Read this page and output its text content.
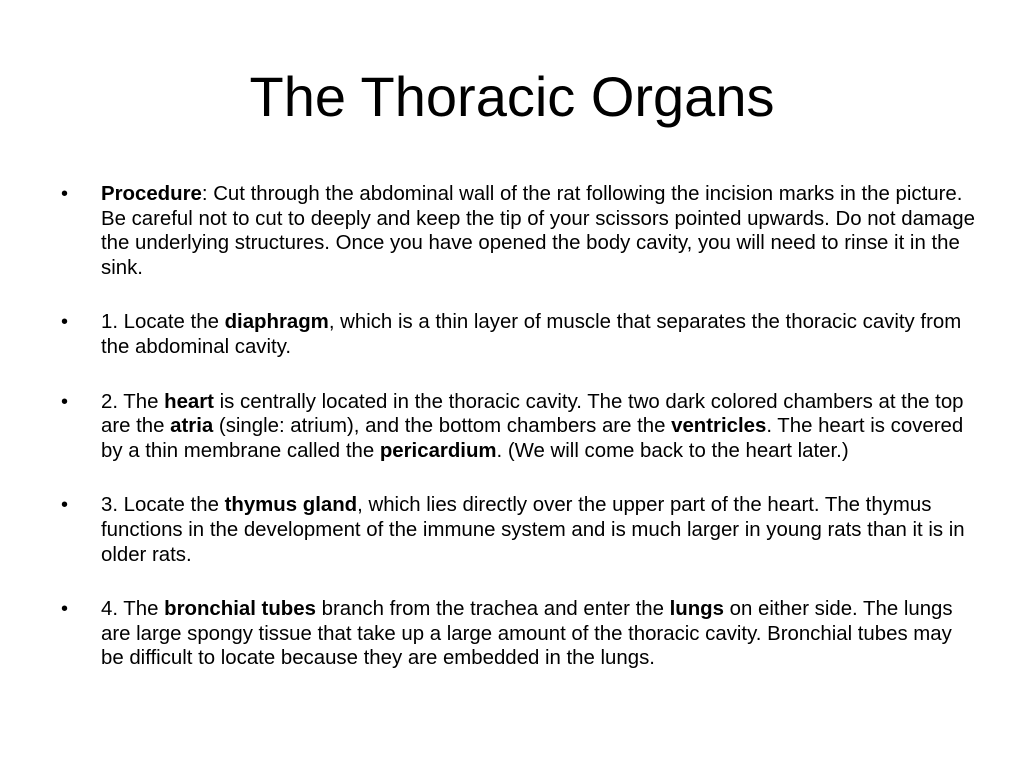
The Thoracic Organs
• Procedure: Cut through the abdominal wall of the rat following the incision marks in the picture. Be careful not to cut to deeply and keep the tip of your scissors pointed upwards. Do not damage the underlying structures. Once you have opened the body cavity, you will need to rinse it in the sink.
• 1. Locate the diaphragm, which is a thin layer of muscle that separates the thoracic cavity from the abdominal cavity.
• 2. The heart is centrally located in the thoracic cavity. The two dark colored chambers at the top are the atria (single: atrium), and the bottom chambers are the ventricles. The heart is covered by a thin membrane called the pericardium. (We will come back to the heart later.)
• 3. Locate the thymus gland, which lies directly over the upper part of the heart. The thymus functions in the development of the immune system and is much larger in young rats than it is in older rats.
• 4. The bronchial tubes branch from the trachea and enter the lungs on either side. The lungs are large spongy tissue that take up a large amount of the thoracic cavity. Bronchial tubes may be difficult to locate because they are embedded in the lungs.
